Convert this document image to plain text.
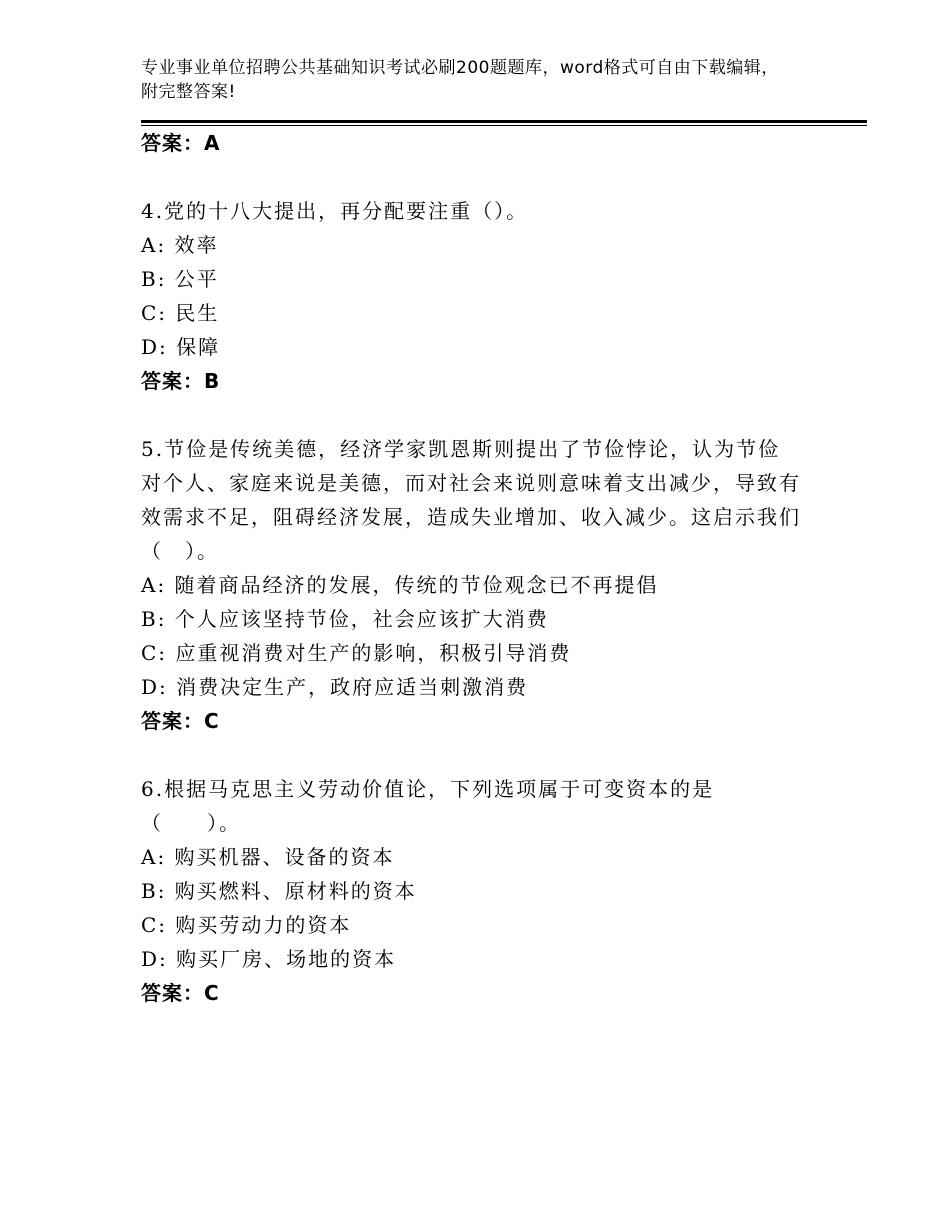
专业事业单位招聘公共基础知识考试必刷200题题库，word格式可自由下载编辑，附完整答案!
答案：A
4.党的十八大提出，再分配要注重（）。
A: 效率
B: 公平
C: 民生
D: 保障
答案：B
5.节俭是传统美德，经济学家凯恩斯则提出了节俭悖论，认为节俭对个人、家庭来说是美德，而对社会来说则意味着支出减少，导致有效需求不足，阻碍经济发展，造成失业增加、收入减少。这启示我们（　）。
A: 随着商品经济的发展，传统的节俭观念已不再提倡
B: 个人应该坚持节俭，社会应该扩大消费
C: 应重视消费对生产的影响，积极引导消费
D: 消费决定生产，政府应适当刺激消费
答案：C
6.根据马克思主义劳动价值论，下列选项属于可变资本的是（　　）。
A: 购买机器、设备的资本
B: 购买燃料、原材料的资本
C: 购买劳动力的资本
D: 购买厂房、场地的资本
答案：C
